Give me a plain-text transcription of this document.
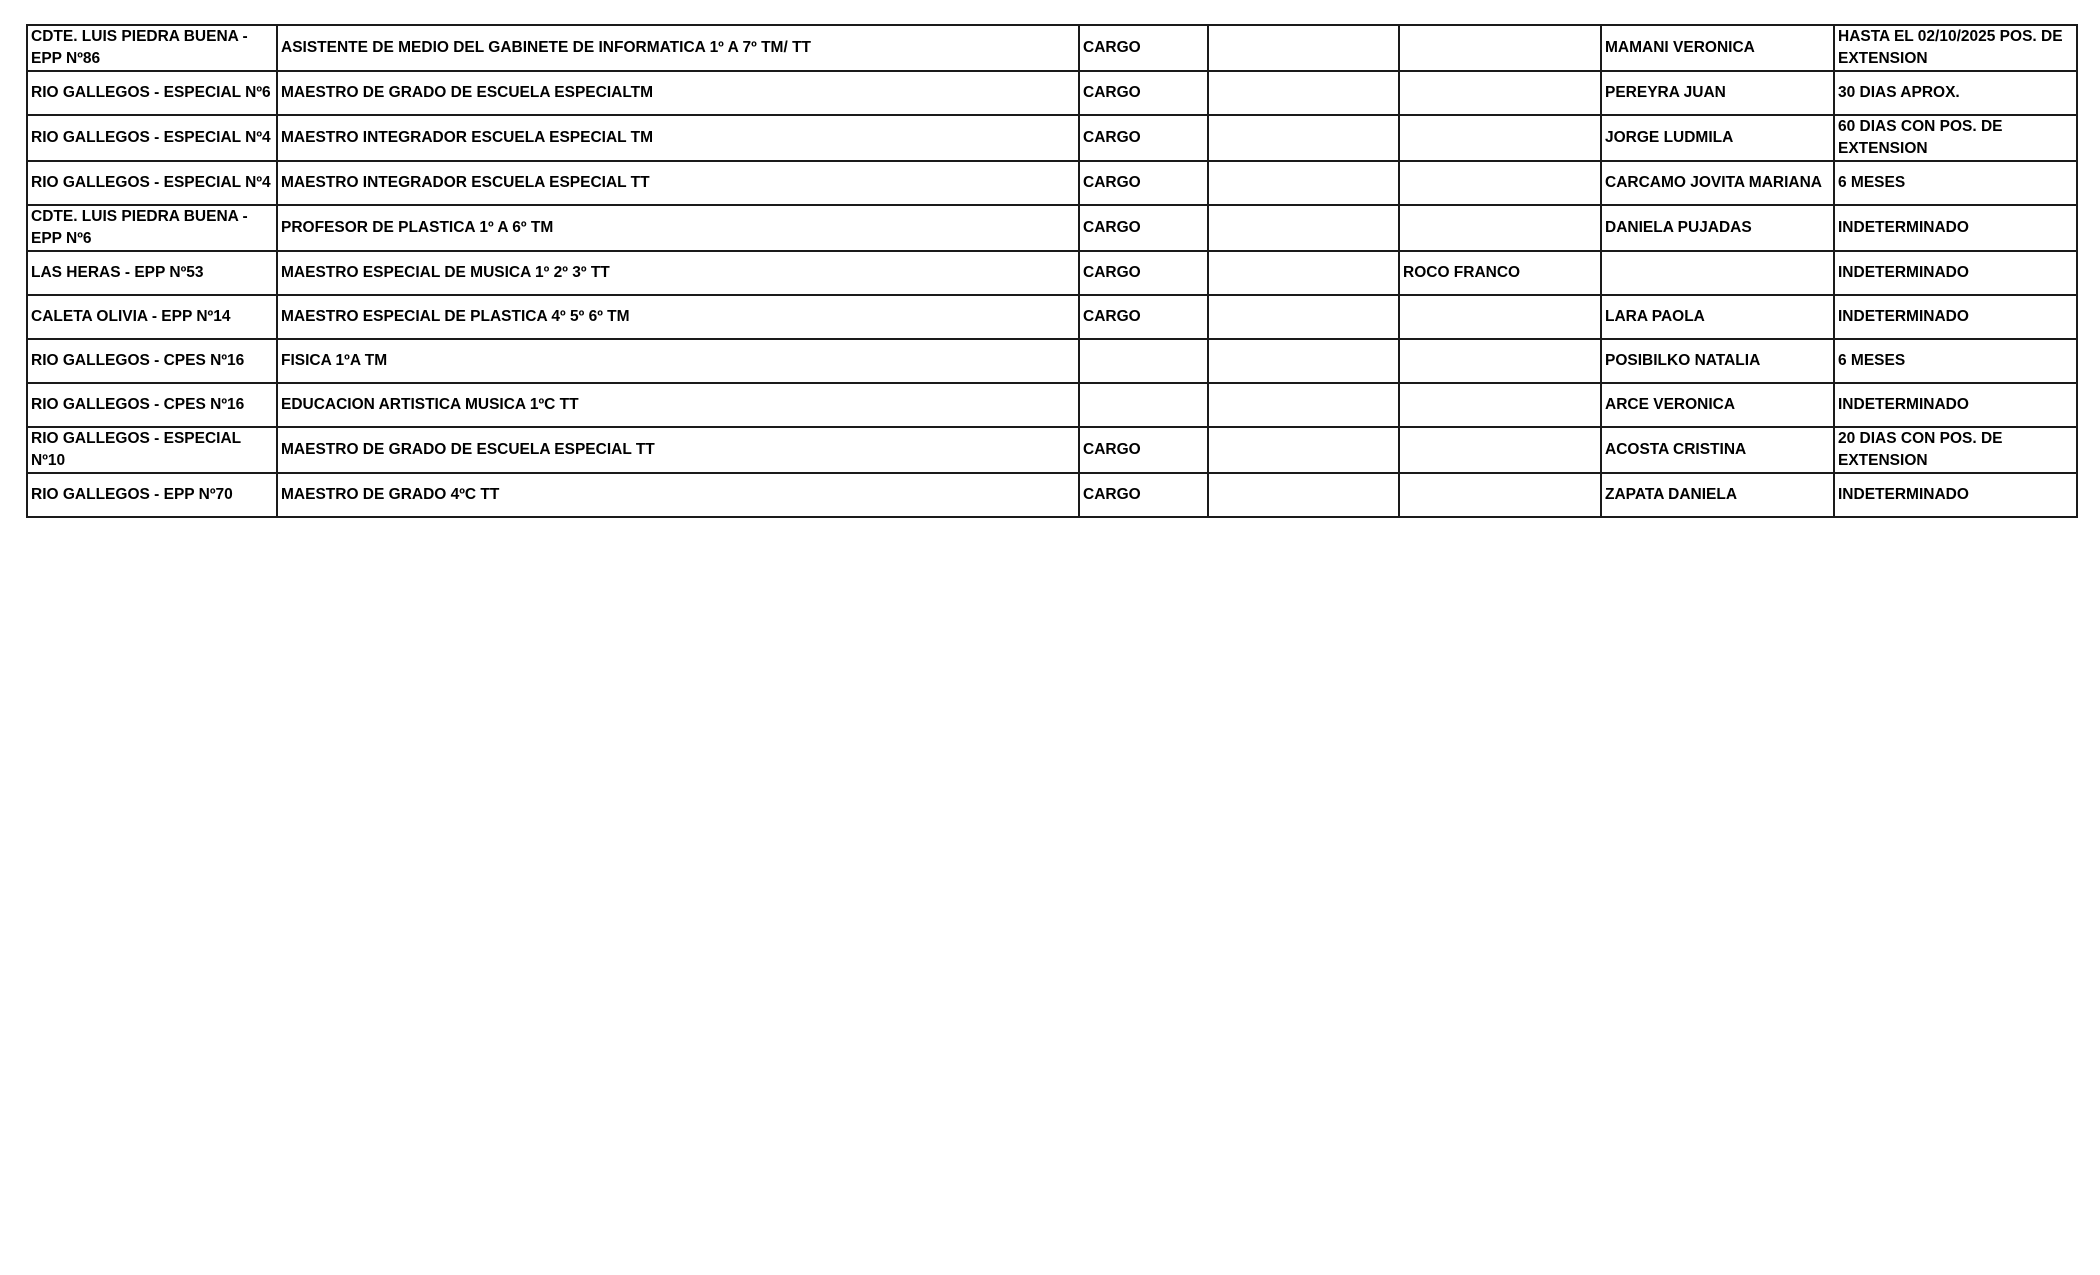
CDTE. LUIS PIEDRA BUENA - EPP Nº86	ASISTENTE DE MEDIO DEL GABINETE DE INFORMATICA 1º A 7º TM/ TT	CARGO			MAMANI VERONICA	HASTA EL 02/10/2025 POS. DE EXTENSION
RIO GALLEGOS - ESPECIAL Nº6	MAESTRO DE GRADO DE ESCUELA ESPECIALTM	CARGO			PEREYRA JUAN	30 DIAS APROX.
RIO GALLEGOS - ESPECIAL Nº4	MAESTRO INTEGRADOR ESCUELA ESPECIAL TM	CARGO			JORGE LUDMILA	60 DIAS CON POS. DE EXTENSION
RIO GALLEGOS - ESPECIAL Nº4	MAESTRO INTEGRADOR ESCUELA ESPECIAL TT	CARGO			CARCAMO JOVITA MARIANA	6 MESES
CDTE. LUIS PIEDRA BUENA - EPP Nº6	PROFESOR DE PLASTICA 1º A 6º TM	CARGO			DANIELA PUJADAS	INDETERMINADO
LAS HERAS - EPP Nº53	MAESTRO ESPECIAL DE MUSICA 1º 2º 3º TT	CARGO		ROCO FRANCO		INDETERMINADO
CALETA OLIVIA - EPP Nº14	MAESTRO ESPECIAL DE PLASTICA 4º 5º 6º TM	CARGO			LARA PAOLA	INDETERMINADO
RIO GALLEGOS - CPES Nº16	FISICA 1ºA TM				POSIBILKO NATALIA	6 MESES
RIO GALLEGOS - CPES Nº16	EDUCACION ARTISTICA MUSICA 1ºC TT				ARCE VERONICA	INDETERMINADO
RIO GALLEGOS - ESPECIAL Nº10	MAESTRO DE GRADO DE ESCUELA ESPECIAL TT	CARGO			ACOSTA CRISTINA	20 DIAS CON POS. DE EXTENSION
RIO GALLEGOS - EPP Nº70	MAESTRO DE GRADO 4ºC TT	CARGO			ZAPATA DANIELA	INDETERMINADO
